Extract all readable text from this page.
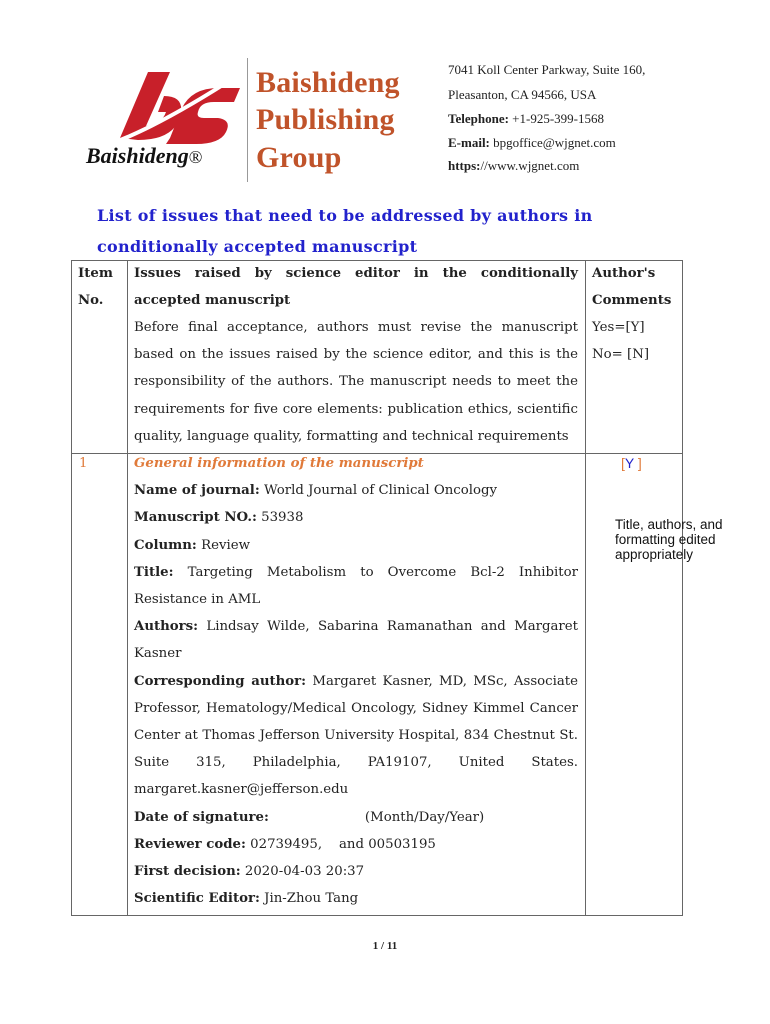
Baishideng®
Baishideng
Publishing
Group
7041 Koll Center Parkway, Suite 160,
Pleasanton, CA 94566, USA
Telephone: +1-925-399-1568
E-mail: bpgoffice@wjgnet.com
https://www.wjgnet.com
List of issues that need to be addressed by authors in conditionally accepted manuscript
Item No.
Issues raised by science editor in the conditionally accepted manuscript
Author's Comments
Before final acceptance, authors must revise the manuscript based on the issues raised by the science editor, and this is the responsibility of the authors. The manuscript needs to meet the requirements for five core elements: publication ethics, scientific quality, language quality, formatting and technical requirements
Yes=[Y]
No= [N]
1	General information of the manuscript
Name of journal: World Journal of Clinical Oncology
Manuscript NO.: 53938
Column: Review
Title: Targeting Metabolism to Overcome Bcl-2 Inhibitor Resistance in AML
Authors: Lindsay Wilde, Sabarina Ramanathan and Margaret Kasner
Corresponding author: Margaret Kasner, MD, MSc, Associate Professor, Hematology/Medical Oncology, Sidney Kimmel Cancer Center at Thomas Jefferson University Hospital, 834 Chestnut St. Suite 315, Philadelphia, PA19107, United States. margaret.kasner@jefferson.edu
Date of signature:	(Month/Day/Year)
Reviewer code: 02739495,    and 00503195
First decision: 2020-04-03 20:37
Scientific Editor: Jin-Zhou Tang
[Y ]
Title, authors, and
formatting edited
appropriately
1 / 11
